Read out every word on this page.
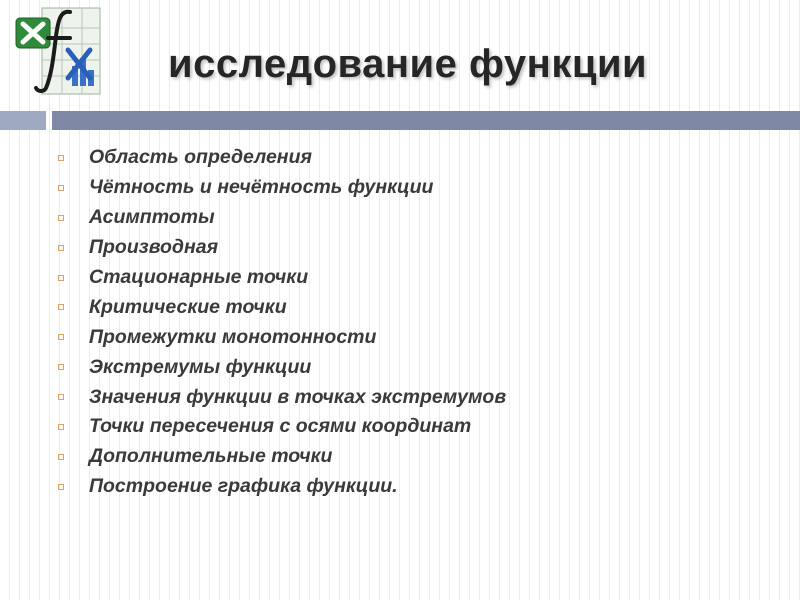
исследование функции
Область определения
Чётность и нечётность функции
Асимптоты
Производная
Стационарные точки
Критические точки
Промежутки монотонности
Экстремумы функции
Значения функции в точках экстремумов
Точки пересечения с осями координат
Дополнительные точки
Построение графика функции.
